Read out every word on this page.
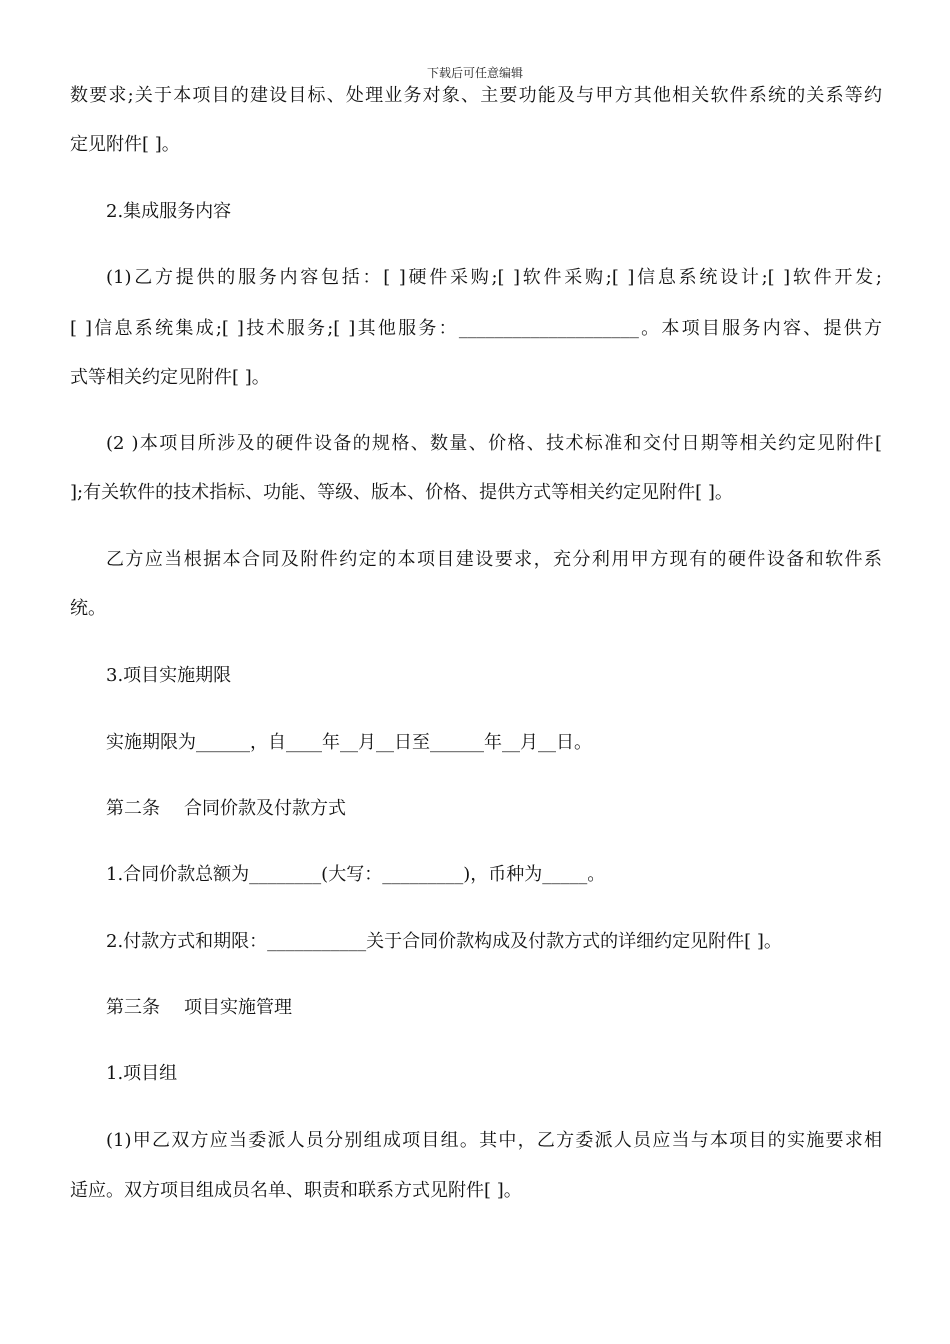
下载后可任意编辑
数要求;关于本项目的建设目标、处理业务对象、主要功能及与甲方其他相关软件系统的关系等约
定见附件[ ]。
2.集成服务内容
(1)乙方提供的服务内容包括：[ ]硬件采购;[ ]软件采购;[ ]信息系统设计;[ ]软件开发;
[ ]信息系统集成;[ ]技术服务;[ ]其他服务：____________________。本项目服务内容、提供方
式等相关约定见附件[ ]。
(2 )本项目所涉及的硬件设备的规格、数量、价格、技术标准和交付日期等相关约定见附件[
];有关软件的技术指标、功能、等级、版本、价格、提供方式等相关约定见附件[ ]。
乙方应当根据本合同及附件约定的本项目建设要求，充分利用甲方现有的硬件设备和软件系
统。
3.项目实施期限
实施期限为______，自____年__月__日至______年__月__日。
第二条 合同价款及付款方式
1.合同价款总额为________(大写：_________)，币种为_____。
2.付款方式和期限：___________关于合同价款构成及付款方式的详细约定见附件[ ]。
第三条 项目实施管理
1.项目组
(1)甲乙双方应当委派人员分别组成项目组。其中，乙方委派人员应当与本项目的实施要求相
适应。双方项目组成员名单、职责和联系方式见附件[ ]。
